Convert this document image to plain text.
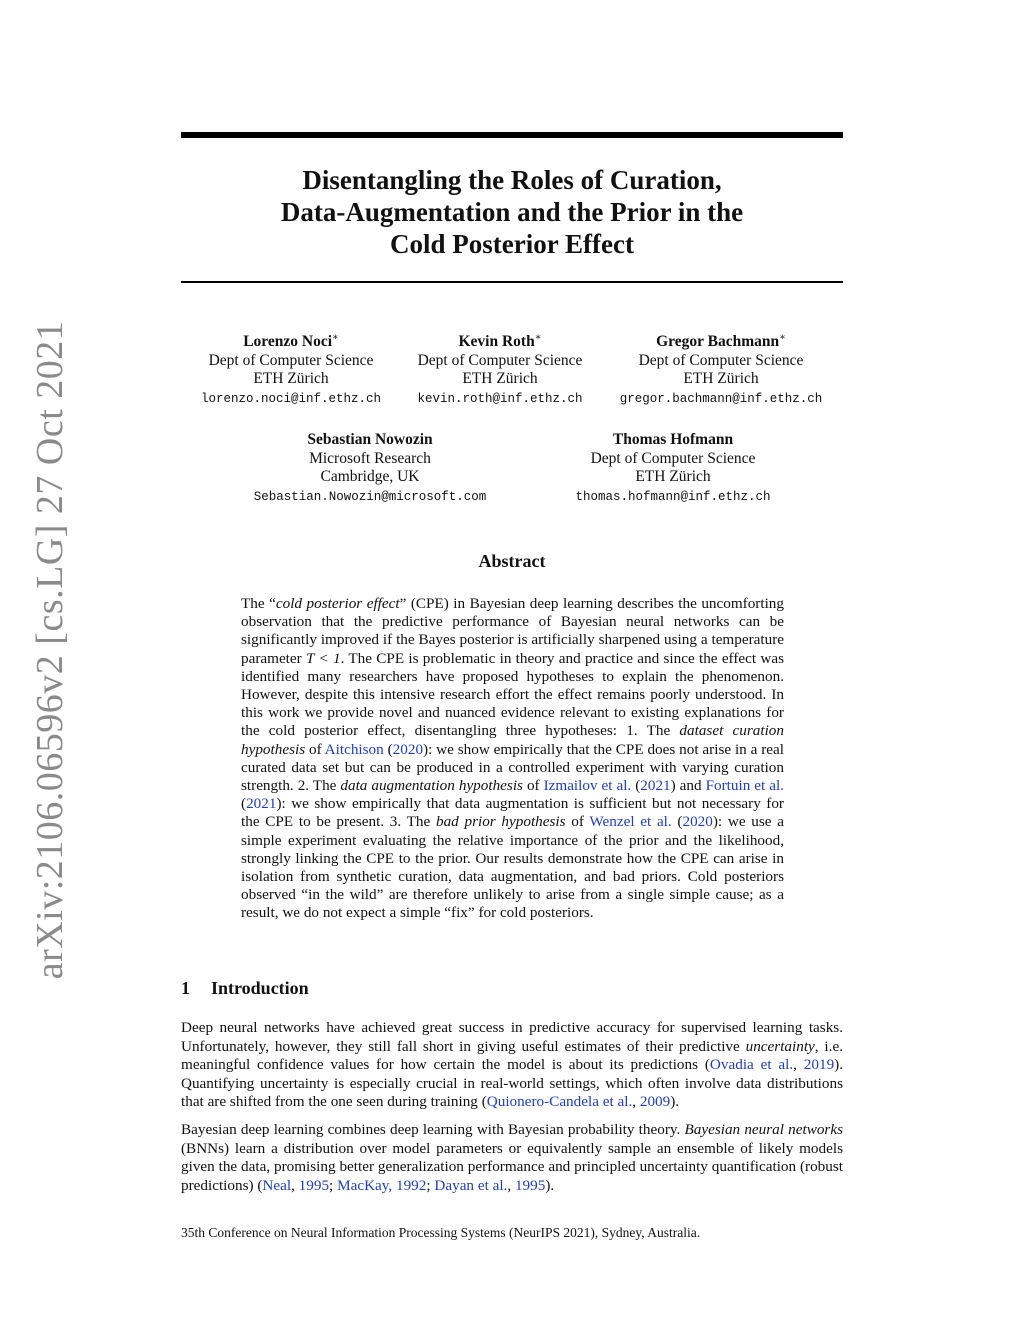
arXiv:2106.06596v2 [cs.LG] 27 Oct 2021
Disentangling the Roles of Curation,
Data-Augmentation and the Prior in the
Cold Posterior Effect
Lorenzo Noci∗
Dept of Computer Science
ETH Zürich
lorenzo.noci@inf.ethz.ch
Kevin Roth∗
Dept of Computer Science
ETH Zürich
kevin.roth@inf.ethz.ch
Gregor Bachmann∗
Dept of Computer Science
ETH Zürich
gregor.bachmann@inf.ethz.ch
Sebastian Nowozin
Microsoft Research
Cambridge, UK
Sebastian.Nowozin@microsoft.com
Thomas Hofmann
Dept of Computer Science
ETH Zürich
thomas.hofmann@inf.ethz.ch
Abstract
The “cold posterior effect” (CPE) in Bayesian deep learning describes the uncomforting observation that the predictive performance of Bayesian neural networks can be significantly improved if the Bayes posterior is artificially sharpened using a temperature parameter T < 1. The CPE is problematic in theory and practice and since the effect was identified many researchers have proposed hypotheses to explain the phenomenon. However, despite this intensive research effort the effect remains poorly understood. In this work we provide novel and nuanced evidence relevant to existing explanations for the cold posterior effect, disentangling three hypotheses: 1. The dataset curation hypothesis of Aitchison (2020): we show empirically that the CPE does not arise in a real curated data set but can be produced in a controlled experiment with varying curation strength. 2. The data augmentation hypothesis of Izmailov et al. (2021) and Fortuin et al. (2021): we show empirically that data augmentation is sufficient but not necessary for the CPE to be present. 3. The bad prior hypothesis of Wenzel et al. (2020): we use a simple experiment evaluating the relative importance of the prior and the likelihood, strongly linking the CPE to the prior. Our results demonstrate how the CPE can arise in isolation from synthetic curation, data augmentation, and bad priors. Cold posteriors observed “in the wild” are therefore unlikely to arise from a single simple cause; as a result, we do not expect a simple “fix” for cold posteriors.
1 Introduction
Deep neural networks have achieved great success in predictive accuracy for supervised learning tasks. Unfortunately, however, they still fall short in giving useful estimates of their predictive uncertainty, i.e. meaningful confidence values for how certain the model is about its predictions (Ovadia et al., 2019). Quantifying uncertainty is especially crucial in real-world settings, which often involve data distributions that are shifted from the one seen during training (Quionero-Candela et al., 2009).
Bayesian deep learning combines deep learning with Bayesian probability theory. Bayesian neural networks (BNNs) learn a distribution over model parameters or equivalently sample an ensemble of likely models given the data, promising better generalization performance and principled uncertainty quantification (robust predictions) (Neal, 1995; MacKay, 1992; Dayan et al., 1995).
35th Conference on Neural Information Processing Systems (NeurIPS 2021), Sydney, Australia.
